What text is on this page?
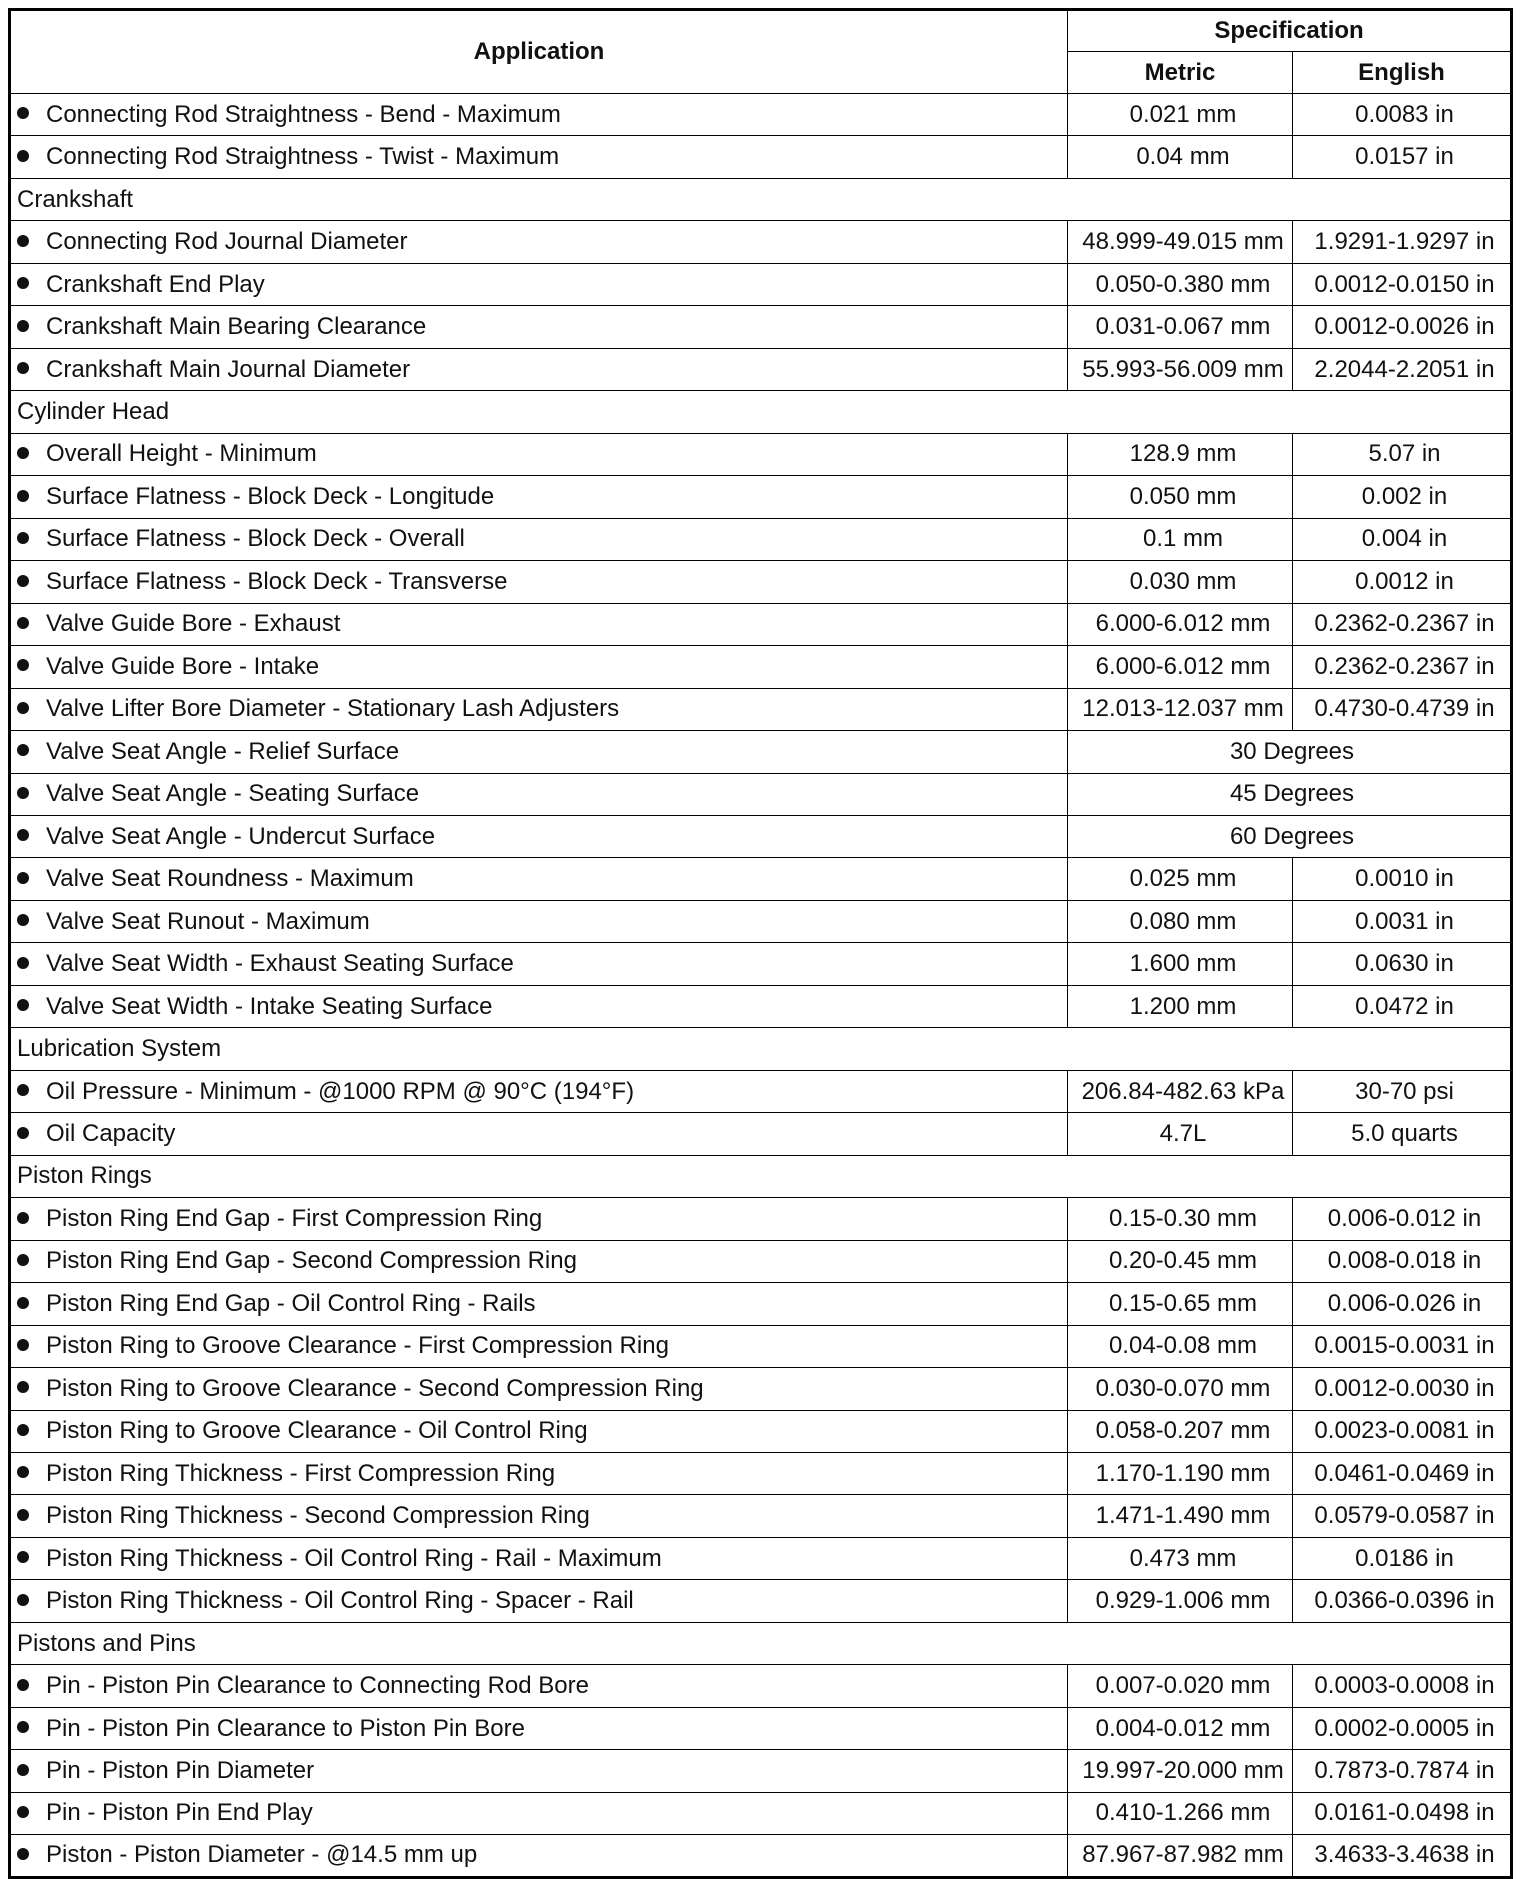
Application	Specification	
	Metric	English
Connecting Rod Straightness - Bend - Maximum	0.021 mm	0.0083 in
Connecting Rod Straightness - Twist - Maximum	0.04 mm	0.0157 in
Crankshaft		
Connecting Rod Journal Diameter	48.999-49.015 mm	1.9291-1.9297 in
Crankshaft End Play	0.050-0.380 mm	0.0012-0.0150 in
Crankshaft Main Bearing Clearance	0.031-0.067 mm	0.0012-0.0026 in
Crankshaft Main Journal Diameter	55.993-56.009 mm	2.2044-2.2051 in
Cylinder Head		
Overall Height - Minimum	128.9 mm	5.07 in
Surface Flatness - Block Deck - Longitude	0.050 mm	0.002 in
Surface Flatness - Block Deck - Overall	0.1 mm	0.004 in
Surface Flatness - Block Deck - Transverse	0.030 mm	0.0012 in
Valve Guide Bore - Exhaust	6.000-6.012 mm	0.2362-0.2367 in
Valve Guide Bore - Intake	6.000-6.012 mm	0.2362-0.2367 in
Valve Lifter Bore Diameter - Stationary Lash Adjusters	12.013-12.037 mm	0.4730-0.4739 in
Valve Seat Angle - Relief Surface	30 Degrees	
Valve Seat Angle - Seating Surface	45 Degrees	
Valve Seat Angle - Undercut Surface	60 Degrees	
Valve Seat Roundness - Maximum	0.025 mm	0.0010 in
Valve Seat Runout - Maximum	0.080 mm	0.0031 in
Valve Seat Width - Exhaust Seating Surface	1.600 mm	0.0630 in
Valve Seat Width - Intake Seating Surface	1.200 mm	0.0472 in
Lubrication System		
Oil Pressure - Minimum - @1000 RPM @ 90°C (194°F)	206.84-482.63 kPa	30-70 psi
Oil Capacity	4.7L	5.0 quarts
Piston Rings		
Piston Ring End Gap - First Compression Ring	0.15-0.30 mm	0.006-0.012 in
Piston Ring End Gap - Second Compression Ring	0.20-0.45 mm	0.008-0.018 in
Piston Ring End Gap - Oil Control Ring - Rails	0.15-0.65 mm	0.006-0.026 in
Piston Ring to Groove Clearance - First Compression Ring	0.04-0.08 mm	0.0015-0.0031 in
Piston Ring to Groove Clearance - Second Compression Ring	0.030-0.070 mm	0.0012-0.0030 in
Piston Ring to Groove Clearance - Oil Control Ring	0.058-0.207 mm	0.0023-0.0081 in
Piston Ring Thickness - First Compression Ring	1.170-1.190 mm	0.0461-0.0469 in
Piston Ring Thickness - Second Compression Ring	1.471-1.490 mm	0.0579-0.0587 in
Piston Ring Thickness - Oil Control Ring - Rail - Maximum	0.473 mm	0.0186 in
Piston Ring Thickness - Oil Control Ring - Spacer - Rail	0.929-1.006 mm	0.0366-0.0396 in
Pistons and Pins		
Pin - Piston Pin Clearance to Connecting Rod Bore	0.007-0.020 mm	0.0003-0.0008 in
Pin - Piston Pin Clearance to Piston Pin Bore	0.004-0.012 mm	0.0002-0.0005 in
Pin - Piston Pin Diameter	19.997-20.000 mm	0.7873-0.7874 in
Pin - Piston Pin End Play	0.410-1.266 mm	0.0161-0.0498 in
Piston - Piston Diameter - @14.5 mm up	87.967-87.982 mm	3.4633-3.4638 in
